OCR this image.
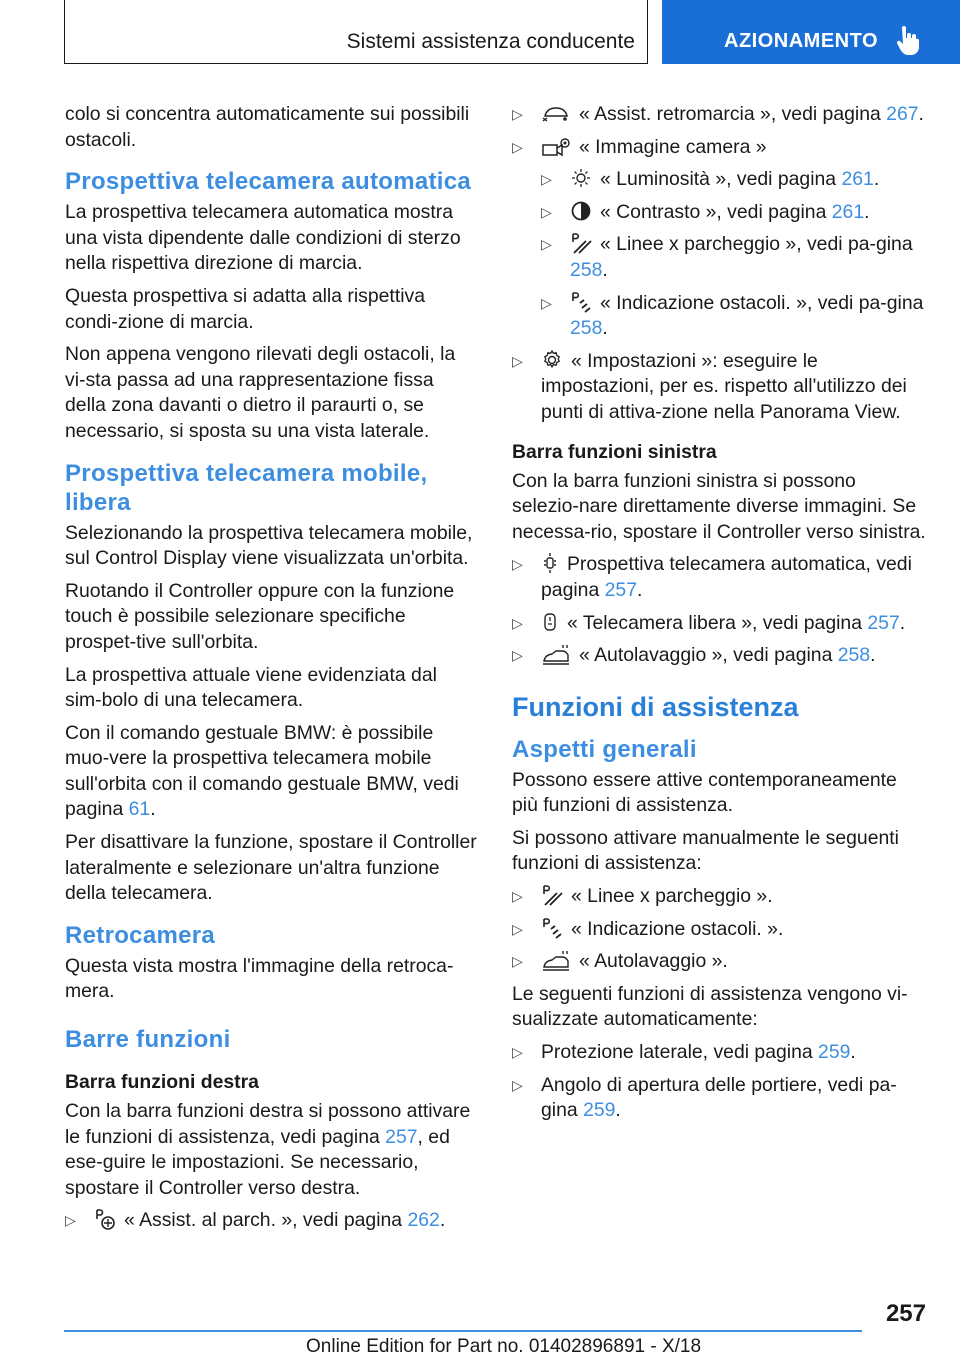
Sistemi assistenza conducente	AZIONAMENTO

colo si concentra automaticamente sui possibili ostacoli.

Prospettiva telecamera automatica

La prospettiva telecamera automatica mostra una vista dipendente dalle condizioni di sterzo nella rispettiva direzione di marcia.

Questa prospettiva si adatta alla rispettiva condi-zione di marcia.

Non appena vengono rilevati degli ostacoli, la vi-sta passa ad una rappresentazione fissa della zona davanti o dietro il paraurti o, se necessario, si sposta su una vista laterale.

Prospettiva telecamera mobile, libera

Selezionando la prospettiva telecamera mobile, sul Control Display viene visualizzata un'orbita.

Ruotando il Controller oppure con la funzione touch è possibile selezionare specifiche prospet-tive sull'orbita.

La prospettiva attuale viene evidenziata dal sim-bolo di una telecamera.

Con il comando gestuale BMW: è possibile muo-vere la prospettiva telecamera mobile sull'orbita con il comando gestuale BMW, vedi pagina 61.

Per disattivare la funzione, spostare il Controller lateralmente e selezionare un'altra funzione della telecamera.

Retrocamera

Questa vista mostra l'immagine della retroca-mera.

Barre funzioni
Barra funzioni destra

Con la barra funzioni destra si possono attivare le funzioni di assistenza, vedi pagina 257, ed ese-guire le impostazioni. Se necessario, spostare il Controller verso destra.

▷ « Assist. al parch. », vedi pagina 262.
▷ « Assist. retromarcia », vedi pagina 267.
▷ « Immagine camera »
▷ « Luminosità », vedi pagina 261.
▷ « Contrasto », vedi pagina 261.
▷ « Linee x parcheggio », vedi pa-gina 258.
▷ « Indicazione ostacoli. », vedi pa-gina 258.
▷ « Impostazioni »: eseguire le impostazioni, per es. rispetto all'utilizzo dei punti di attiva-zione nella Panorama View.
Barra funzioni sinistra

Con la barra funzioni sinistra si possono selezio-nare direttamente diverse immagini. Se necessa-rio, spostare il Controller verso sinistra.

▷ Prospettiva telecamera automatica, vedi pagina 257.
▷ « Telecamera libera », vedi pagina 257.
▷ « Autolavaggio », vedi pagina 258.
Funzioni di assistenza
Aspetti generali

Possono essere attive contemporaneamente più funzioni di assistenza.

Si possono attivare manualmente le seguenti funzioni di assistenza:

▷ « Linee x parcheggio ».
▷ « Indicazione ostacoli. ».
▷ « Autolavaggio ».

Le seguenti funzioni di assistenza vengono vi-sualizzate automaticamente:

▷ Protezione laterale, vedi pagina 259.
▷ Angolo di apertura delle portiere, vedi pa-gina 259.
257
Online Edition for Part no. 01402896891 - X/18
